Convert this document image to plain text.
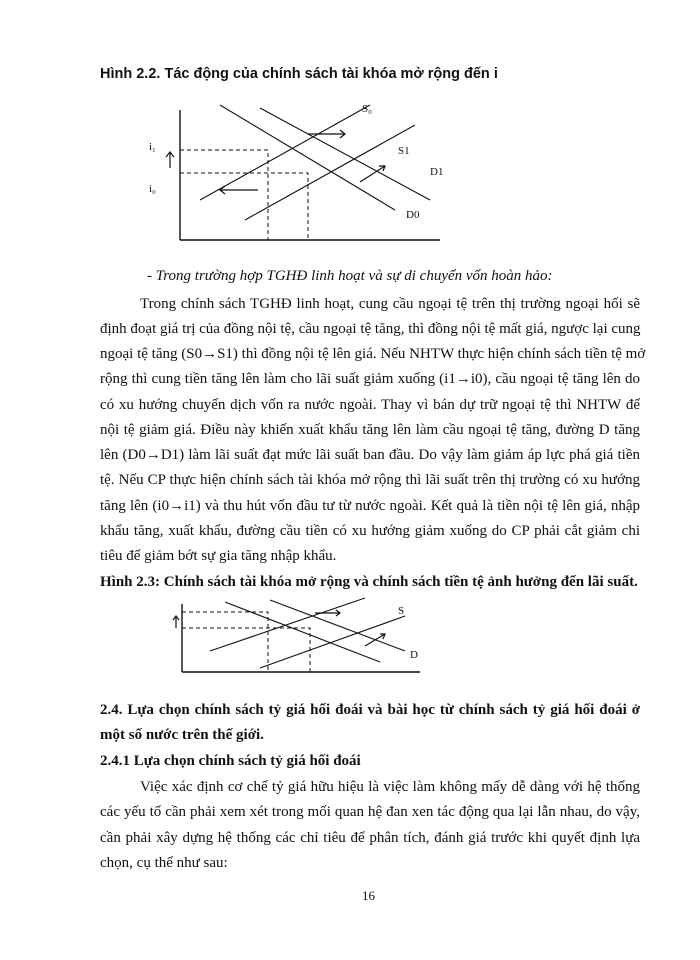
Hình 2.2. Tác động của chính sách tài khóa mở rộng đến i
i₁
i₀
S₀
S1
D1
D0
- Trong trường hợp TGHĐ linh hoạt và sự di chuyển vốn hoàn hảo:
Trong chính sách TGHĐ linh hoạt, cung cầu ngoại tệ trên thị trường ngoại hối sẽ
định đoạt giá trị của đồng nội tệ, cầu ngoại tệ tăng, thì đồng nội tệ mất giá, ngược lại cung
ngoại tệ tăng (S0→S1) thì đồng nội tệ lên giá. Nếu NHTW thực hiện chính sách tiền tệ mở
rộng thì cung tiền tăng lên làm cho lãi suất giảm xuống (i1→i0), cầu ngoại tệ tăng lên do
có xu hướng chuyển dịch vốn ra nước ngoài. Thay vì bán dự trữ ngoại tệ thì NHTW để
nội tệ giảm giá. Điều này khiến xuất khẩu tăng lên làm cầu ngoại tệ tăng, đường D tăng
lên (D0→D1) làm lãi suất đạt mức lãi suất ban đầu. Do vậy làm giảm áp lực phá giá tiền
tệ. Nếu CP thực hiện chính sách tài khóa mở rộng thì lãi suất trên thị trường có xu hướng
tăng lên (i0→i1) và thu hút vốn đầu tư từ nước ngoài. Kết quả là tiền nội tệ lên giá, nhập
khẩu tăng, xuất khẩu, đường cầu tiền có xu hướng giảm xuống do CP phải cắt giảm chi
tiêu để giảm bớt sự gia tăng nhập khẩu.
Hình 2.3: Chính sách tài khóa mở rộng và chính sách tiền tệ ảnh hưởng đến lãi suất.
S
D
2.4. Lựa chọn chính sách tỷ giá hối đoái và bài học từ chính sách tỷ giá hối đoái ở
một số nước trên thế giới.
2.4.1 Lựa chọn chính sách tỷ giá hối đoái
Việc xác định cơ chế tỷ giá hữu hiệu là việc làm không mấy dễ dàng với hệ thống
các yếu tố cần phải xem xét trong mối quan hệ đan xen tác động qua lại lẫn nhau, do vậy,
cần phải xây dựng hệ thống các chỉ tiêu để phân tích, đánh giá trước khi quyết định lựa
chọn, cụ thể như sau:
16
